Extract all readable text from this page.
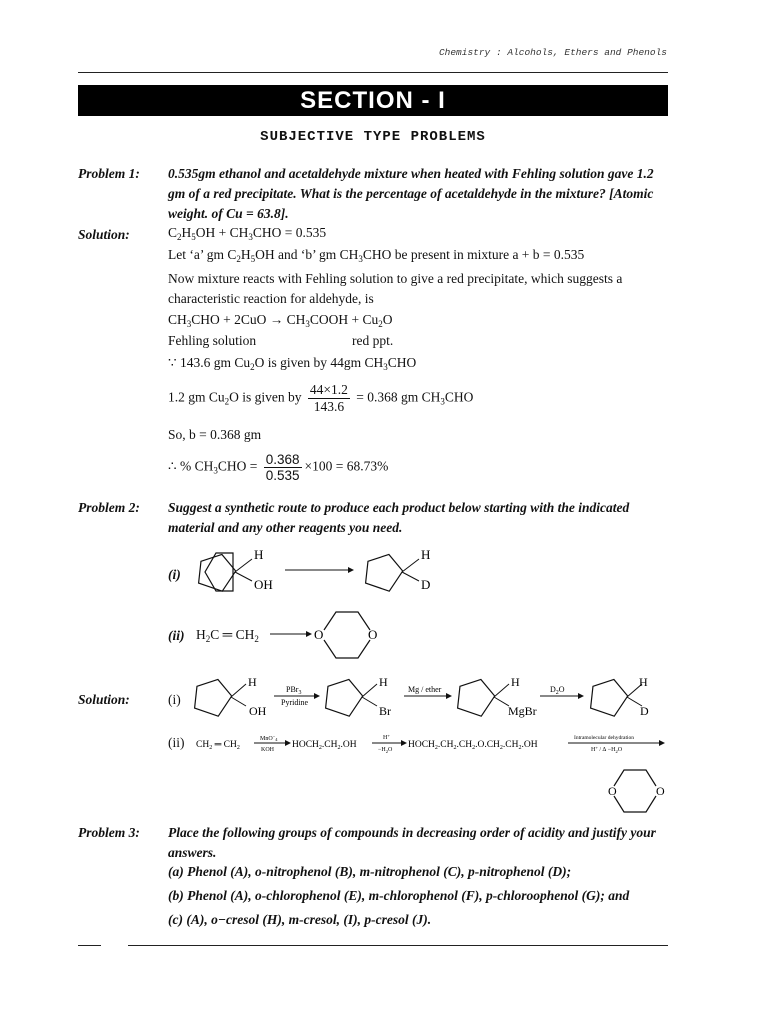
Chemistry : Alcohols, Ethers and Phenols
SECTION - I
SUBJECTIVE TYPE PROBLEMS
Problem 1: 0.535gm ethanol and acetaldehyde mixture when heated with Fehling solution gave 1.2 gm of a red precipitate. What is the percentage of acetaldehyde in the mixture? [Atomic weight. of Cu = 63.8].
Solution:	$C_2H_5OH + CH_3CHO = 0.535$
Let ‘a’ gm $C_2H_5OH$ and ‘b’ gm $CH_3CHO$ be present in mixture a + b = 0.535
Now mixture reacts with Fehling solution to give a red precipitate, which suggests a characteristic reaction for aldehyde, is
$CH_3CHO + 2CuO$ → $CH_3COOH + Cu_2O$
Fehling solution	red ppt.
∵ 143.6 gm $Cu_2O$ is given by 44gm $CH_3CHO$
1.2 gm $Cu_2O$ is given by $\frac{44\times 1.2}{143.6} = 0.368$ gm $CH_3CHO$
So, b = 0.368 gm
∴ % $CH_3CHO = \frac{0.368}{0.535} \times 100 = 68.73\%$
Problem 2: Suggest a synthetic route to produce each product below starting with the indicated material and any other reagents you need.
(i)
H
OH
H
D
(ii) $H_2C$ ═ $CH_2$	O	O
Solution:	(i)
H
OH
PBr$_3$
Pyridine
H
Br
Mg / ether
H
MgBr
$D_2O$
H
D
(ii) $CH_2$ ═ $CH_2$
MnO−$_4$
KOH $HOCH_2.CH_2.OH$
H+
$-H_2O$ $HOCH_2.CH_2.CH_2.O.CH_2.CH_2.OH$
Intramolecular dehydration
H+ / ∆ $-H_2O$
O	O
Problem 3: Place the following groups of compounds in decreasing order of acidity and justify your answers.
(a) Phenol (A), o-nitrophenol (B), m-nitrophenol (C), p-nitrophenol (D);
(b) Phenol (A), o-chlorophenol (E), m-chlorophenol (F), p-chloroophenol (G); and
(c) (A), o−cresol (H), m-cresol, (I), p-cresol (J).
